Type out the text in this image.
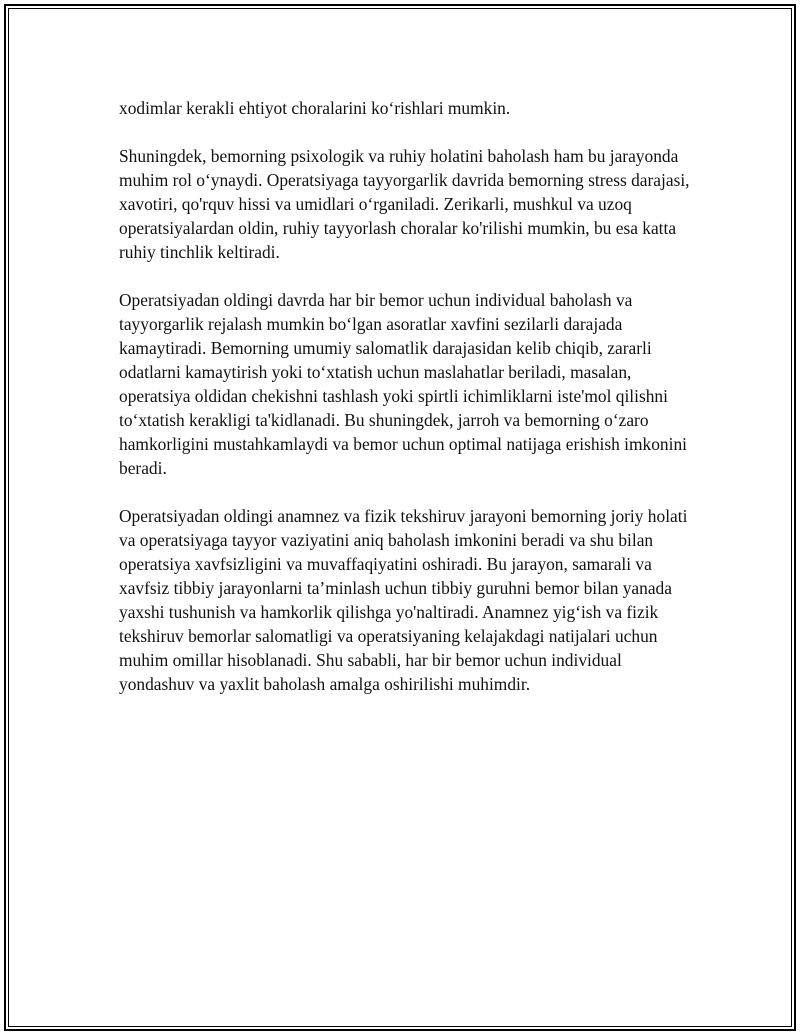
xodimlar kerakli ehtiyot choralarini ko‘rishlari mumkin.

Shuningdek, bemorning psixologik va ruhiy holatini baholash ham bu jarayonda muhim rol o‘ynaydi. Operatsiyaga tayyorgarlik davrida bemorning stress darajasi, xavotiri, qo'rquv hissi va umidlari o‘rganiladi. Zerikarli, mushkul va uzoq operatsiyalardan oldin, ruhiy tayyorlash choralar ko'rilishi mumkin, bu esa katta ruhiy tinchlik keltiradi.

Operatsiyadan oldingi davrda har bir bemor uchun individual baholash va tayyorgarlik rejalash mumkin bo‘lgan asoratlar xavfini sezilarli darajada kamaytiradi. Bemorning umumiy salomatlik darajasidan kelib chiqib, zararli odatlarni kamaytirish yoki to‘xtatish uchun maslahatlar beriladi, masalan, operatsiya oldidan chekishni tashlash yoki spirtli ichimliklarni iste'mol qilishni to‘xtatish kerakligi ta'kidlanadi. Bu shuningdek, jarroh va bemorning o‘zaro hamkorligini mustahkamlaydi va bemor uchun optimal natijaga erishish imkonini beradi.

Operatsiyadan oldingi anamnez va fizik tekshiruv jarayoni bemorning joriy holati va operatsiyaga tayyor vaziyatini aniq baholash imkonini beradi va shu bilan operatsiya xavfsizligini va muvaffaqiyatini oshiradi. Bu jarayon, samarali va xavfsiz tibbiy jarayonlarni ta’minlash uchun tibbiy guruhni bemor bilan yanada yaxshi tushunish va hamkorlik qilishga yo'naltiradi. Anamnez yig‘ish va fizik tekshiruv bemorlar salomatligi va operatsiyaning kelajakdagi natijalari uchun muhim omillar hisoblanadi. Shu sababli, har bir bemor uchun individual yondashuv va yaxlit baholash amalga oshirilishi muhimdir.
